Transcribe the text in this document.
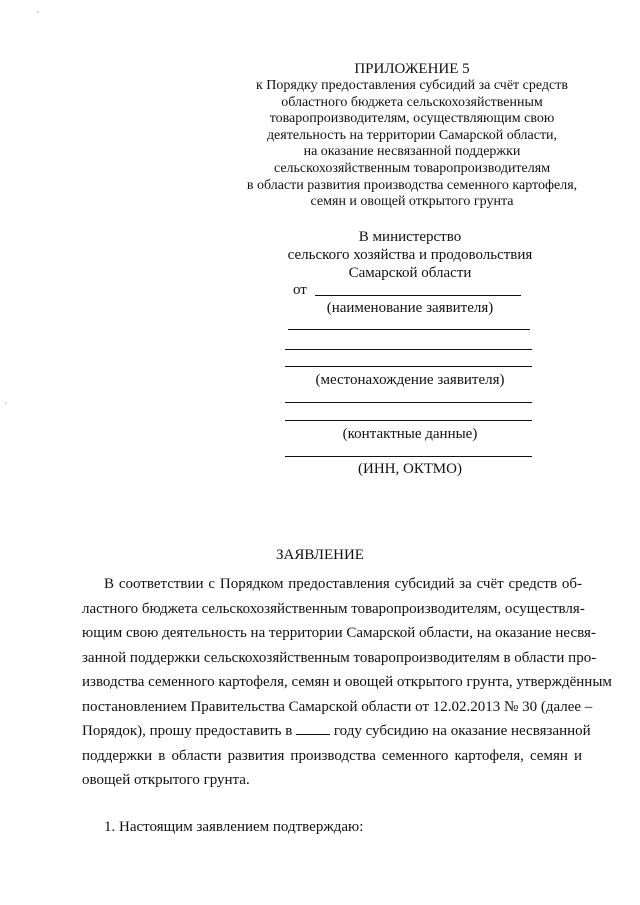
'
·
ПРИЛОЖЕНИЕ 5
к Порядку предоставления субсидий за счёт средств
областного бюджета сельскохозяйственным
товаропроизводителям, осуществляющим свою
деятельность на территории Самарской области,
на оказание несвязанной поддержки
сельскохозяйственным товаропроизводителям
в области развития производства семенного картофеля,
семян и овощей открытого грунта
В министерство
сельского хозяйства и продовольствия
Самарской области
от
(наименование заявителя)
(местонахождение заявителя)
(контактные данные)
(ИНН, ОКТМО)
ЗАЯВЛЕНИЕ
В соответствии с Порядком предоставления субсидий за счёт средств об-
ластного бюджета сельскохозяйственным товаропроизводителям, осуществля-
ющим свою деятельность на территории Самарской области, на оказание несвя-
занной поддержки сельскохозяйственным товаропроизводителям в области про-
изводства семенного картофеля, семян и овощей открытого грунта, утверждённым
постановлением Правительства Самарской области от 12.02.2013 № 30 (далее –
Порядок), прошу предоставить в	году субсидию на оказание несвязанной
поддержки в области развития производства семенного картофеля, семян и
овощей открытого грунта.
1. Настоящим заявлением подтверждаю:
